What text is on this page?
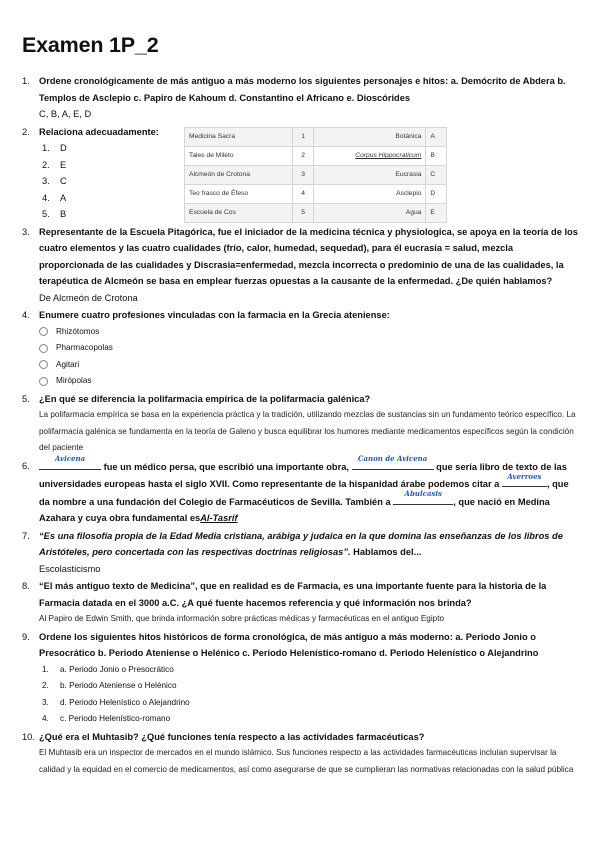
Examen 1P_2
1. Ordene cronológicamente de más antiguo a más moderno los siguientes personajes e hitos: a. Demócrito de Abdera b. Templos de Asclepio c. Papiro de Kahoum d. Constantino el Africano e. Dioscórides
C, B, A, E, D
2. Relaciona adecuadamente:
1.	D
2.	E
3.	C
4.	A
5.	B
Medicina Sacra	1	Botánica	A
Tales de Mileto	2	Corpus Hippocraticum	B
Alcmeón de Crotona	3	Eucrasia	C
Teo frasco de Éfeso	4	Asclepio	D
Escuela de Cos	5	Agua	E
3. Representante de la Escuela Pitagórica, fue el iniciador de la medicina técnica y physiologica, se apoya en la teoría de los cuatro elementos y las cuatro cualidades (frío, calor, humedad, sequedad), para él eucrasia = salud, mezcla proporcionada de las cualidades y Discrasia=enfermedad, mezcla incorrecta o predominio de una de las cualidades, la terapéutica de Alcmeón se basa en emplear fuerzas opuestas a la causante de la enfermedad. ¿De quién hablamos?
De Alcmeón de Crotona
4. Enumere cuatro profesiones vinculadas con la farmacia en la Grecia ateniense:
Rhizótomos
Pharmacopolas
Agitari
Mirópolas
5. ¿En qué se diferencia la polifarmacia empírica de la polifarmacia galénica?
La polifarmacia empírica se basa en la experiencia práctica y la tradición, utilizando mezclas de sustancias sin un fundamento teórico específico. La polifarmacia galénica se fundamenta en la teoría de Galeno y busca equilibrar los humores mediante medicamentos específicos según la condición del paciente
6.
Avicena
fue un médico persa, que escribió una importante obra,
Canon de Avicena
que sería libro de texto de las universidades europeas hasta el siglo XVII. Como representante de la hispanidad árabe podemos citar a
Averroes
, que da nombre a una fundación del Colegio de Farmacéuticos de Sevilla. También a
Abulcasis
, que nació en Medina Azahara y cuya obra fundamental esAl-Tasrif
7. “Es una filosofía propia de la Edad Media cristiana, arábiga y judaica en la que domina las enseñanzas de los libros de Aristóteles, pero concertada con las respectivas doctrinas religiosas”. Hablamos del...
Escolasticismo
8. “El más antiguo texto de Medicina”, que en realidad es de Farmacia, es una importante fuente para la historia de la Farmacia datada en el 3000 a.C. ¿A qué fuente hacemos referencia y qué información nos brinda?
Al Papiro de Edwin Smith, que brinda información sobre prácticas médicas y farmacéuticas en el antiguo Egipto
9. Ordene los siguientes hitos históricos de forma cronológica, de más antiguo a más moderno: a. Periodo Jonio o Presocrático b. Periodo Ateniense o Helénico c. Periodo Helenístico-romano d. Periodo Helenístico o Alejandrino
1.	a. Periodo Jonio o Presocrático
2.	b. Periodo Ateniense o Helénico
3.	d. Periodo Helenístico o Alejandrino
4.	c. Periodo Helenístico-romano
10. ¿Qué era el Muhtasib? ¿Qué funciones tenía respecto a las actividades farmacéuticas?
El Muhtasib era un inspector de mercados en el mundo islámico. Sus funciones respecto a las actividades farmacéuticas incluían supervisar la calidad y la equidad en el comercio de medicamentos, así como asegurarse de que se cumplieran las normativas relacionadas con la salud pública
